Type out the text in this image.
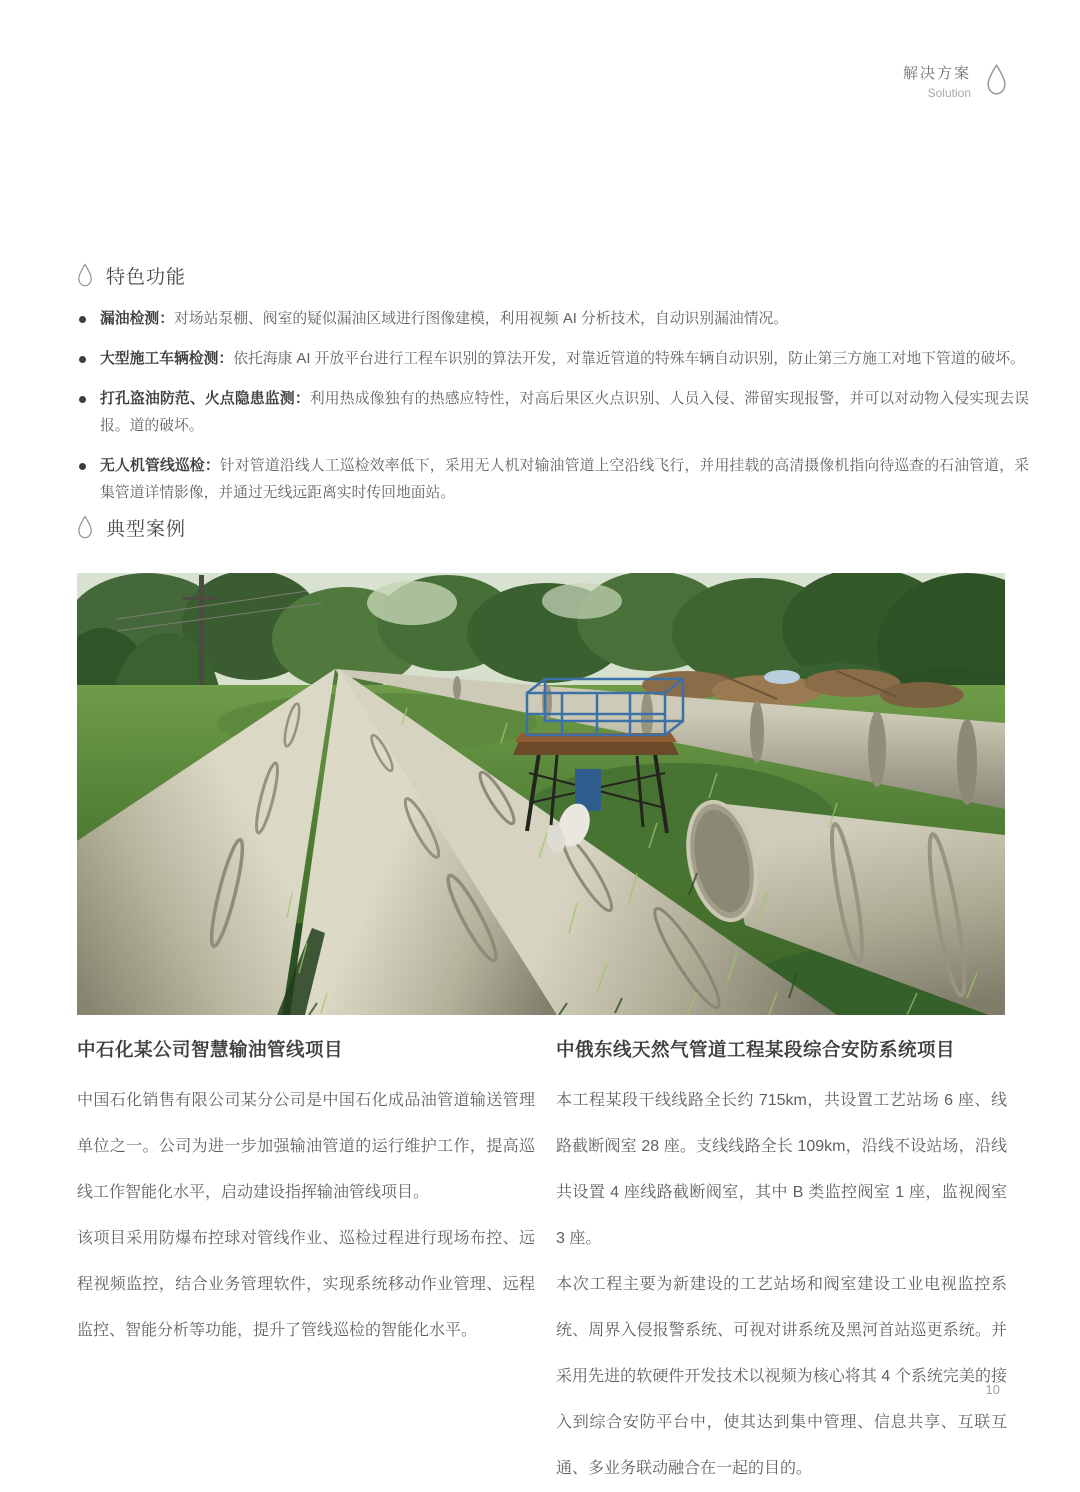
解决方案
Solution
特色功能
漏油检测：对场站泵棚、阀室的疑似漏油区域进行图像建模，利用视频 AI 分析技术，自动识别漏油情况。
大型施工车辆检测：依托海康 AI 开放平台进行工程车识别的算法开发，对靠近管道的特殊车辆自动识别，防止第三方施工对地下管道的破坏。
打孔盗油防范、火点隐患监测：利用热成像独有的热感应特性，对高后果区火点识别、人员入侵、滞留实现报警，并可以对动物入侵实现去误报。道的破坏。
无人机管线巡检：针对管道沿线人工巡检效率低下，采用无人机对输油管道上空沿线飞行，并用挂载的高清摄像机指向待巡查的石油管道，采集管道详情影像，并通过无线远距离实时传回地面站。
典型案例
中石化某公司智慧输油管线项目

中国石化销售有限公司某分公司是中国石化成品油管道输送管理单位之一。公司为进一步加强输油管道的运行维护工作，提高巡线工作智能化水平，启动建设指挥输油管线项目。

该项目采用防爆布控球对管线作业、巡检过程进行现场布控、远程视频监控，结合业务管理软件，实现系统移动作业管理、远程监控、智能分析等功能，提升了管线巡检的智能化水平。

中俄东线天然气管道工程某段综合安防系统项目

本工程某段干线线路全长约 715km，共设置工艺站场 6 座、线路截断阀室 28 座。支线线路全长 109km，沿线不设站场，沿线共设置 4 座线路截断阀室，其中 B 类监控阀室 1 座，监视阀室 3 座。

本次工程主要为新建设的工艺站场和阀室建设工业电视监控系统、周界入侵报警系统、可视对讲系统及黑河首站巡更系统。并采用先进的软硬件开发技术以视频为核心将其 4 个系统完美的接入到综合安防平台中，使其达到集中管理、信息共享、互联互通、多业务联动融合在一起的目的。

10
